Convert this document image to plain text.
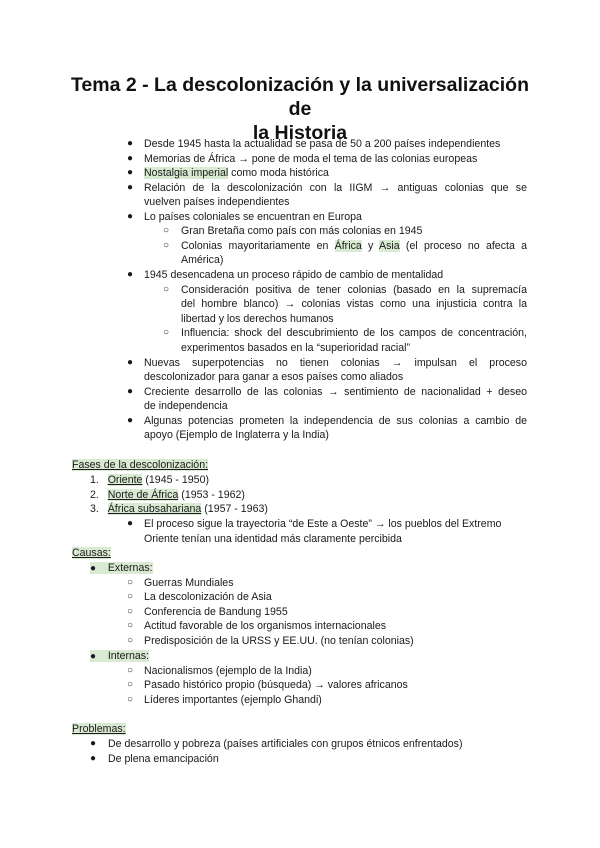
Tema 2 - La descolonización y la universalización de
la Historia
● Desde 1945 hasta la actualidad se pasa de 50 a 200 países independientes
● Memorias de África → pone de moda el tema de las colonias europeas
● Nostalgia imperial como moda histórica
● Relación de la descolonización con la IIGM → antiguas colonias que se
vuelven países independientes
● Lo países coloniales se encuentran en Europa
○ Gran Bretaña como país con más colonias en 1945
○ Colonias mayoritariamente en África y Asia (el proceso no afecta a
América)
● 1945 desencadena un proceso rápido de cambio de mentalidad
○ Consideración positiva de tener colonias (basado en la supremacía
del hombre blanco) → colonias vistas como una injusticia contra la
libertad y los derechos humanos
○ Influencia: shock del descubrimiento de los campos de concentración,
experimentos basados en la “superioridad racial”
● Nuevas superpotencias no tienen colonias → impulsan el proceso
descolonizador para ganar a esos países como aliados
● Creciente desarrollo de las colonias → sentimiento de nacionalidad + deseo
de independencia
● Algunas potencias prometen la independencia de sus colonias a cambio de
apoyo (Ejemplo de Inglaterra y la India)
Fases de la descolonización:
1. Oriente (1945 - 1950)
2. Norte de África (1953 - 1962)
3. África subsahariana (1957 - 1963)
● El proceso sigue la trayectoria “de Este a Oeste” → los pueblos del Extremo
Oriente tenían una identidad más claramente percibida
Causas:
● Externas:
○ Guerras Mundiales
○ La descolonización de Asia
○ Conferencia de Bandung 1955
○ Actitud favorable de los organismos internacionales
○ Predisposición de la URSS y EE.UU. (no tenían colonias)
● Internas:
○ Nacionalismos (ejemplo de la India)
○ Pasado histórico propio (búsqueda) → valores africanos
○ Líderes importantes (ejemplo Ghandi)
Problemas:
● De desarrollo y pobreza (países artificiales con grupos étnicos enfrentados)
● De plena emancipación
